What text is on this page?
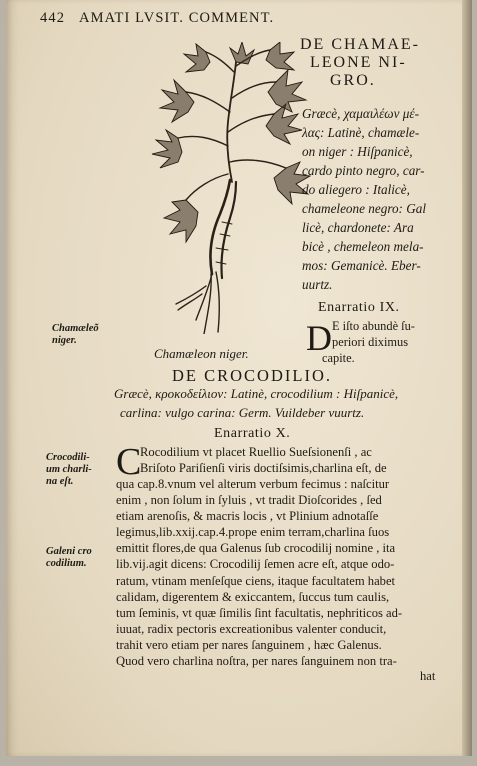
442 AMATI LVSIT. COMMENT.
DE CHAMAE-
LEONE NI-
GRO.
Græcè, χαμαιλέων μέ-
λας: Latinè, chamæle-
on niger : Hiſpanicè,
cardo pinto negro, car-
do aliegero : Italicè,
chameleone negro: Gal
licè, chardonete: Ara
bicè , chemeleon mela-
mos: Gemanicè. Eber-
uurtz.
Enarratio IX.
D E iſto abundè ſu-
periori diximus
capite.
Chamæleon niger.
Chamæleõ
niger.
DE CROCODILIO.
Græcè, κροκοδείλιον: Latinè, crocodilium : Hiſpanicè,
carlina: vulgo carina: Germ. Vuildeber vuurtz.
Enarratio X.
C
Rocodilium vt placet Ruellio Sueſsionenſi , ac
Briſoto Pariſienſi viris doctiſsimis,charlina eſt, de
qua cap.8.vnum vel alterum verbum fecimus : naſcitur
enim , non ſolum in ſyluis , vt tradit Dioſcorides , ſed
etiam arenoſis, & macris locis , vt Plinium adnotaſſe
legimus,lib.xxij.cap.4.prope enim terram,charlina ſuos
emittit flores,de qua Galenus ſub crocodilij nomine , ita
lib.vij.agit dicens: Crocodilij ſemen acre eſt, atque odo-
ratum, vtinam menſeſque ciens, itaque facultatem habet
calidam, digerentem & exiccantem, ſuccus tum caulis,
tum ſeminis, vt quæ ſimilis ſint facultatis, nephriticos ad-
iuuat, radix pectoris excreationibus valenter conducit,
trahit vero etiam per nares ſanguinem , hæc Galenus.
Quod vero charlina noſtra, per nares ſanguinem non tra-
hat
Crocodili-
um charli-
na eſt.
Galeni cro
codilium.
